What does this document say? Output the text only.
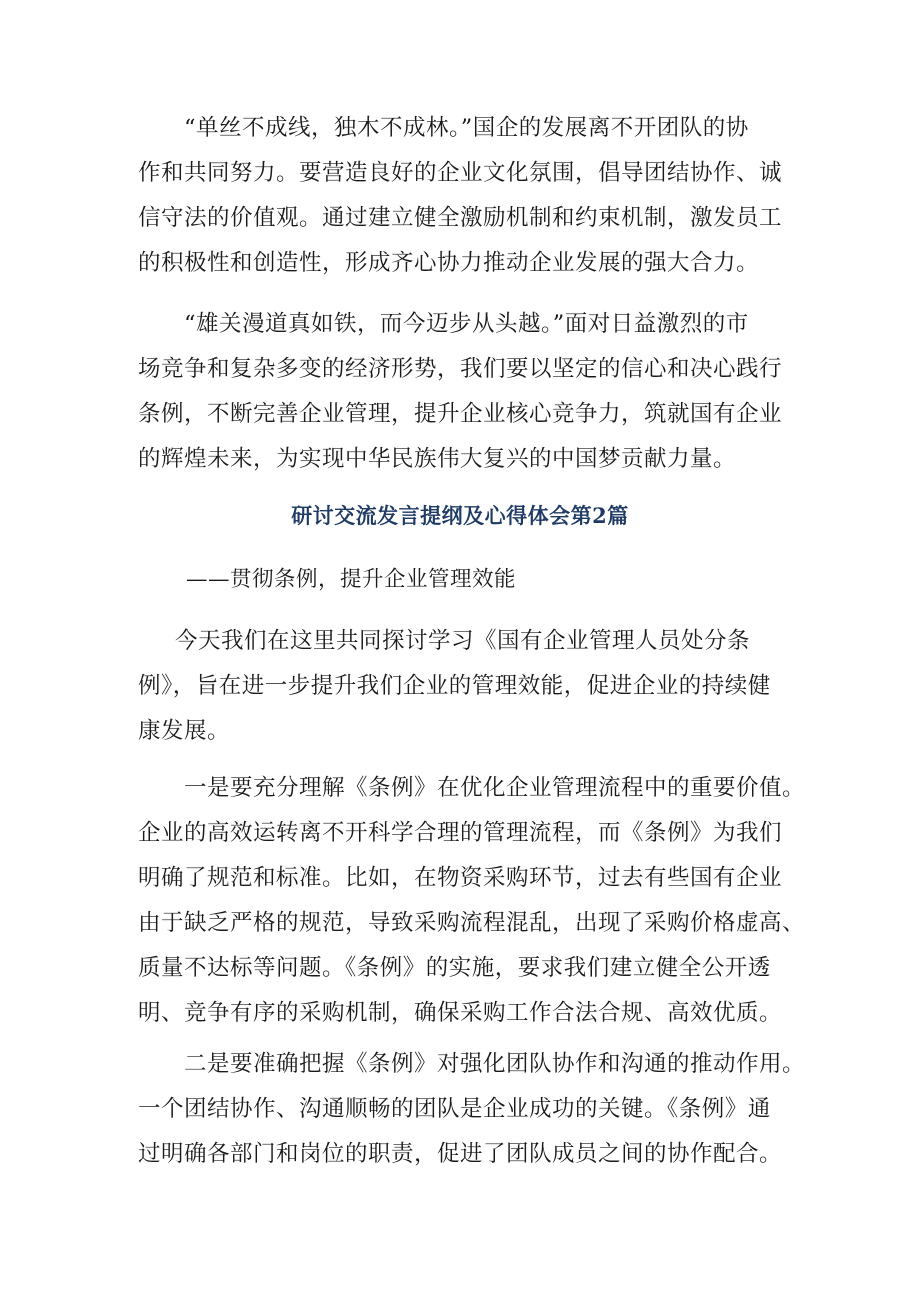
“单丝不成线，独木不成林。”国企的发展离不开团队的协
作和共同努力。要营造良好的企业文化氛围，倡导团结协作、诚
信守法的价值观。通过建立健全激励机制和约束机制，激发员工
的积极性和创造性，形成齐心协力推动企业发展的强大合力。
“雄关漫道真如铁，而今迈步从头越。”面对日益激烈的市
场竞争和复杂多变的经济形势，我们要以坚定的信心和决心践行
条例，不断完善企业管理，提升企业核心竞争力，筑就国有企业
的辉煌未来，为实现中华民族伟大复兴的中国梦贡献力量。
研讨交流发言提纲及心得体会第2篇
——贯彻条例，提升企业管理效能
今天我们在这里共同探讨学习《国有企业管理人员处分条
例》，旨在进一步提升我们企业的管理效能，促进企业的持续健
康发展。
一是要充分理解《条例》在优化企业管理流程中的重要价值。
企业的高效运转离不开科学合理的管理流程，而《条例》为我们
明确了规范和标准。比如，在物资采购环节，过去有些国有企业
由于缺乏严格的规范，导致采购流程混乱，出现了采购价格虚高、
质量不达标等问题。《条例》的实施，要求我们建立健全公开透
明、竞争有序的采购机制，确保采购工作合法合规、高效优质。
二是要准确把握《条例》对强化团队协作和沟通的推动作用。
一个团结协作、沟通顺畅的团队是企业成功的关键。《条例》通
过明确各部门和岗位的职责，促进了团队成员之间的协作配合。
